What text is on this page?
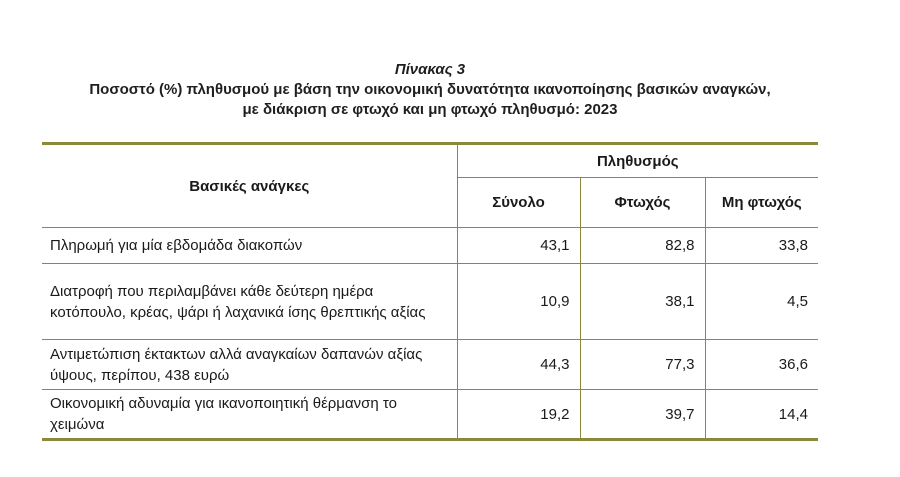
Πίνακας 3
Ποσοστό (%) πληθυσμού με βάση την οικονομική δυνατότητα ικανοποίησης βασικών αναγκών,
με διάκριση σε φτωχό και μη φτωχό πληθυσμό: 2023
Βασικές ανάγκες	Πληθυσμός		
	Σύνολο	Φτωχός	Μη φτωχός
Πληρωμή για μία εβδομάδα διακοπών	43,1	82,8	33,8
Διατροφή που περιλαμβάνει κάθε δεύτερη ημέρα κοτόπουλο, κρέας, ψάρι ή λαχανικά ίσης θρεπτικής αξίας	10,9	38,1	4,5
Αντιμετώπιση έκτακτων αλλά αναγκαίων δαπανών αξίας ύψους, περίπου, 438 ευρώ	44,3	77,3	36,6
Οικονομική αδυναμία για ικανοποιητική θέρμανση το χειμώνα	19,2	39,7	14,4
